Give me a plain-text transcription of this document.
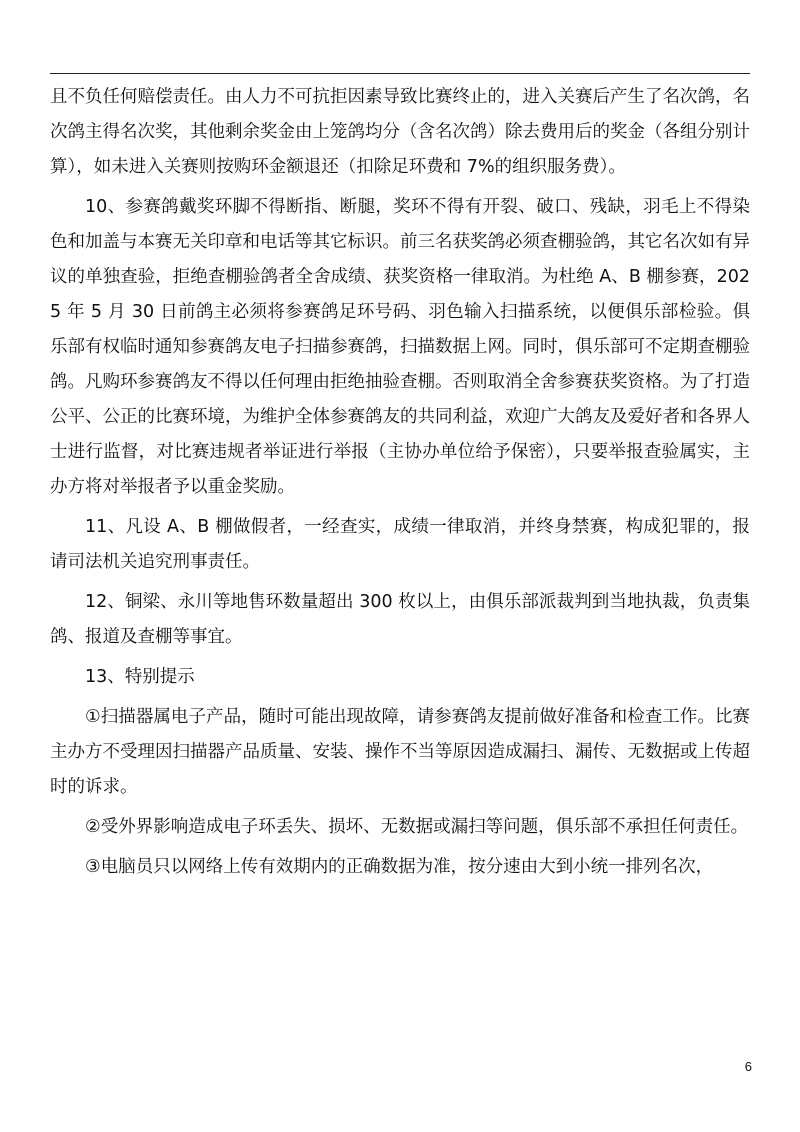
且不负任何赔偿责任。由人力不可抗拒因素导致比赛终止的，进入关赛后产生了名次鸽，名次鸽主得名次奖，其他剩余奖金由上笼鸽均分（含名次鸽）除去费用后的奖金（各组分别计算），如未进入关赛则按购环金额退还（扣除足环费和 7%的组织服务费）。

10、参赛鸽戴奖环脚不得断指、断腿，奖环不得有开裂、破口、残缺，羽毛上不得染色和加盖与本赛无关印章和电话等其它标识。前三名获奖鸽必须查棚验鸽，其它名次如有异议的单独查验，拒绝查棚验鸽者全舍成绩、获奖资格一律取消。为杜绝 A、B 棚参赛，2025 年 5 月 30 日前鸽主必须将参赛鸽足环号码、羽色输入扫描系统，以便俱乐部检验。俱乐部有权临时通知参赛鸽友电子扫描参赛鸽，扫描数据上网。同时，俱乐部可不定期查棚验鸽。凡购环参赛鸽友不得以任何理由拒绝抽验查棚。否则取消全舍参赛获奖资格。为了打造公平、公正的比赛环境，为维护全体参赛鸽友的共同利益，欢迎广大鸽友及爱好者和各界人士进行监督，对比赛违规者举证进行举报（主协办单位给予保密），只要举报查验属实，主办方将对举报者予以重金奖励。

11、凡设 A、B 棚做假者，一经查实，成绩一律取消，并终身禁赛，构成犯罪的，报请司法机关追究刑事责任。

12、铜梁、永川等地售环数量超出 300 枚以上，由俱乐部派裁判到当地执裁，负责集鸽、报道及查棚等事宜。

13、特别提示

①扫描器属电子产品，随时可能出现故障，请参赛鸽友提前做好准备和检查工作。比赛主办方不受理因扫描器产品质量、安装、操作不当等原因造成漏扫、漏传、无数据或上传超时的诉求。

②受外界影响造成电子环丢失、损坏、无数据或漏扫等问题，俱乐部不承担任何责任。

③电脑员只以网络上传有效期内的正确数据为准，按分速由大到小统一排列名次，

6
